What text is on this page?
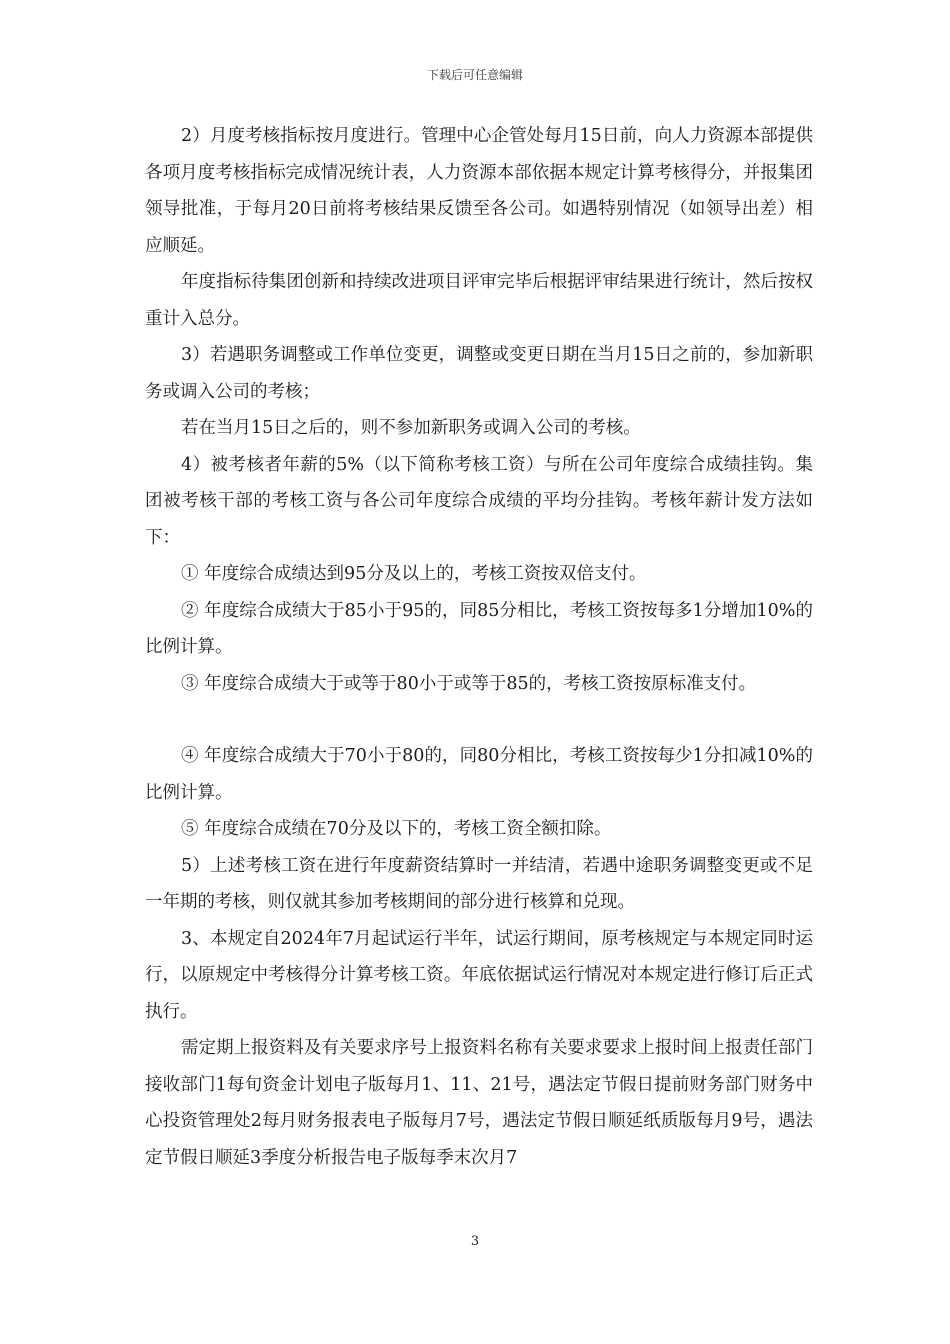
下载后可任意编辑

2）月度考核指标按月度进行。管理中心企管处每月15日前，向人力资源本部提供各项月度考核指标完成情况统计表，人力资源本部依据本规定计算考核得分，并报集团领导批准，于每月20日前将考核结果反馈至各公司。如遇特别情况（如领导出差）相应顺延。

年度指标待集团创新和持续改进项目评审完毕后根据评审结果进行统计，然后按权重计入总分。

3）若遇职务调整或工作单位变更，调整或变更日期在当月15日之前的，参加新职务或调入公司的考核；

若在当月15日之后的，则不参加新职务或调入公司的考核。

4）被考核者年薪的5%（以下简称考核工资）与所在公司年度综合成绩挂钩。集团被考核干部的考核工资与各公司年度综合成绩的平均分挂钩。考核年薪计发方法如下：

① 年度综合成绩达到95分及以上的，考核工资按双倍支付。

② 年度综合成绩大于85小于95的，同85分相比，考核工资按每多1分增加10%的比例计算。

③ 年度综合成绩大于或等于80小于或等于85的，考核工资按原标准支付。

④ 年度综合成绩大于70小于80的，同80分相比，考核工资按每少1分扣减10%的比例计算。

⑤ 年度综合成绩在70分及以下的，考核工资全额扣除。

5）上述考核工资在进行年度薪资结算时一并结清，若遇中途职务调整变更或不足一年期的考核，则仅就其参加考核期间的部分进行核算和兑现。

3、本规定自2024年7月起试运行半年，试运行期间，原考核规定与本规定同时运行，以原规定中考核得分计算考核工资。年底依据试运行情况对本规定进行修订后正式执行。

需定期上报资料及有关要求序号上报资料名称有关要求要求上报时间上报责任部门接收部门1每旬资金计划电子版每月1、11、21号，遇法定节假日提前财务部门财务中心投资管理处2每月财务报表电子版每月7号，遇法定节假日顺延纸质版每月9号，遇法定节假日顺延3季度分析报告电子版每季末次月7

3
